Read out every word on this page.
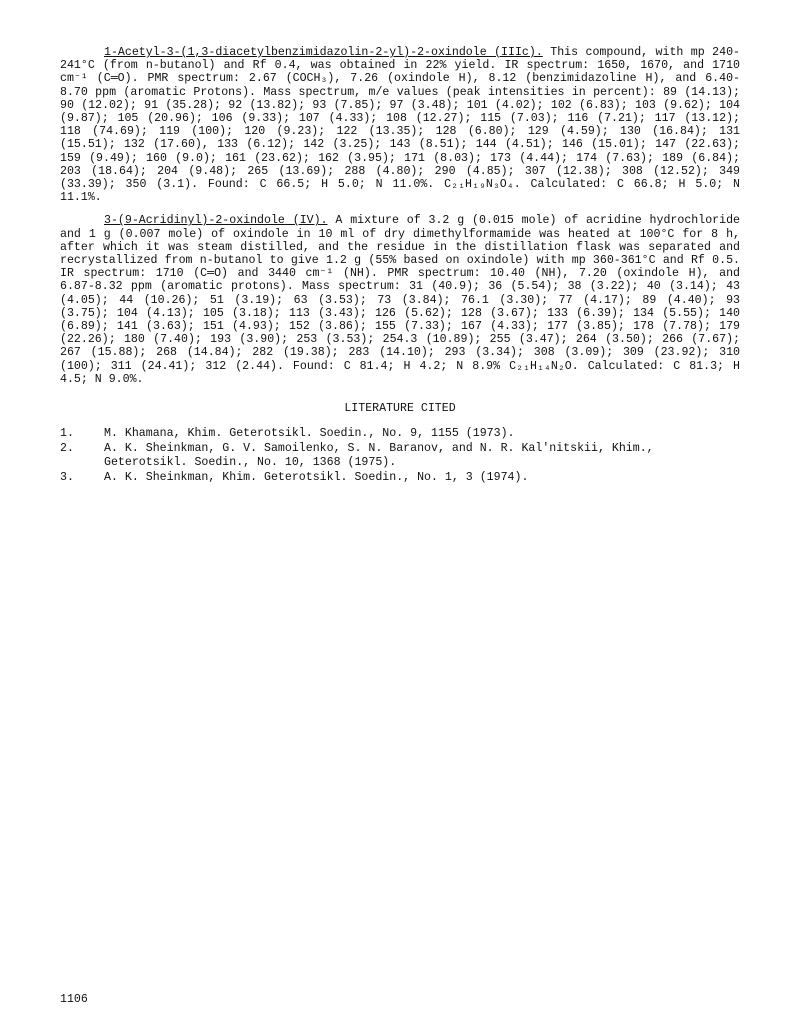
1-Acetyl-3-(1,3-diacetylbenzimidazolin-2-yl)-2-oxindole (IIIc). This compound, with mp 240-241°C (from n-butanol) and Rf 0.4, was obtained in 22% yield. IR spectrum: 1650, 1670, and 1710 cm⁻¹ (C═O). PMR spectrum: 2.67 (COCH₃), 7.26 (oxindole H), 8.12 (benzimidazoline H), and 6.40-8.70 ppm (aromatic Protons). Mass spectrum, m/e values (peak intensities in percent): 89 (14.13); 90 (12.02); 91 (35.28); 92 (13.82); 93 (7.85); 97 (3.48); 101 (4.02); 102 (6.83); 103 (9.62); 104 (9.87); 105 (20.96); 106 (9.33); 107 (4.33); 108 (12.27); 115 (7.03); 116 (7.21); 117 (13.12); 118 (74.69); 119 (100); 120 (9.23); 122 (13.35); 128 (6.80); 129 (4.59); 130 (16.84); 131 (15.51); 132 (17.60), 133 (6.12); 142 (3.25); 143 (8.51); 144 (4.51); 146 (15.01); 147 (22.63); 159 (9.49); 160 (9.0); 161 (23.62); 162 (3.95); 171 (8.03); 173 (4.44); 174 (7.63); 189 (6.84); 203 (18.64); 204 (9.48); 265 (13.69); 288 (4.80); 290 (4.85); 307 (12.38); 308 (12.52); 349 (33.39); 350 (3.1). Found: C 66.5; H 5.0; N 11.0%. C₂₁H₁₉N₃O₄. Calculated: C 66.8; H 5.0; N 11.1%.

3-(9-Acridinyl)-2-oxindole (IV). A mixture of 3.2 g (0.015 mole) of acridine hydrochloride and 1 g (0.007 mole) of oxindole in 10 ml of dry dimethylformamide was heated at 100°C for 8 h, after which it was steam distilled, and the residue in the distillation flask was separated and recrystallized from n-butanol to give 1.2 g (55% based on oxindole) with mp 360-361°C and Rf 0.5. IR spectrum: 1710 (C═O) and 3440 cm⁻¹ (NH). PMR spectrum: 10.40 (NH), 7.20 (oxindole H), and 6.87-8.32 ppm (aromatic protons). Mass spectrum: 31 (40.9); 36 (5.54); 38 (3.22); 40 (3.14); 43 (4.05); 44 (10.26); 51 (3.19); 63 (3.53); 73 (3.84); 76.1 (3.30); 77 (4.17); 89 (4.40); 93 (3.75); 104 (4.13); 105 (3.18); 113 (3.43); 126 (5.62); 128 (3.67); 133 (6.39); 134 (5.55); 140 (6.89); 141 (3.63); 151 (4.93); 152 (3.86); 155 (7.33); 167 (4.33); 177 (3.85); 178 (7.78); 179 (22.26); 180 (7.40); 193 (3.90); 253 (3.53); 254.3 (10.89); 255 (3.47); 264 (3.50); 266 (7.67); 267 (15.88); 268 (14.84); 282 (19.38); 283 (14.10); 293 (3.34); 308 (3.09); 309 (23.92); 310 (100); 311 (24.41); 312 (2.44). Found: C 81.4; H 4.2; N 8.9% C₂₁H₁₄N₂O. Calculated: C 81.3; H 4.5; N 9.0%.

LITERATURE CITED
1.	M. Khamana, Khim. Geterotsikl. Soedin., No. 9, 1155 (1973).
2.	A. K. Sheinkman, G. V. Samoilenko, S. N. Baranov, and N. R. Kal'nitskii, Khim., Geterotsikl. Soedin., No. 10, 1368 (1975).
3.	A. K. Sheinkman, Khim. Geterotsikl. Soedin., No. 1, 3 (1974).
1106
